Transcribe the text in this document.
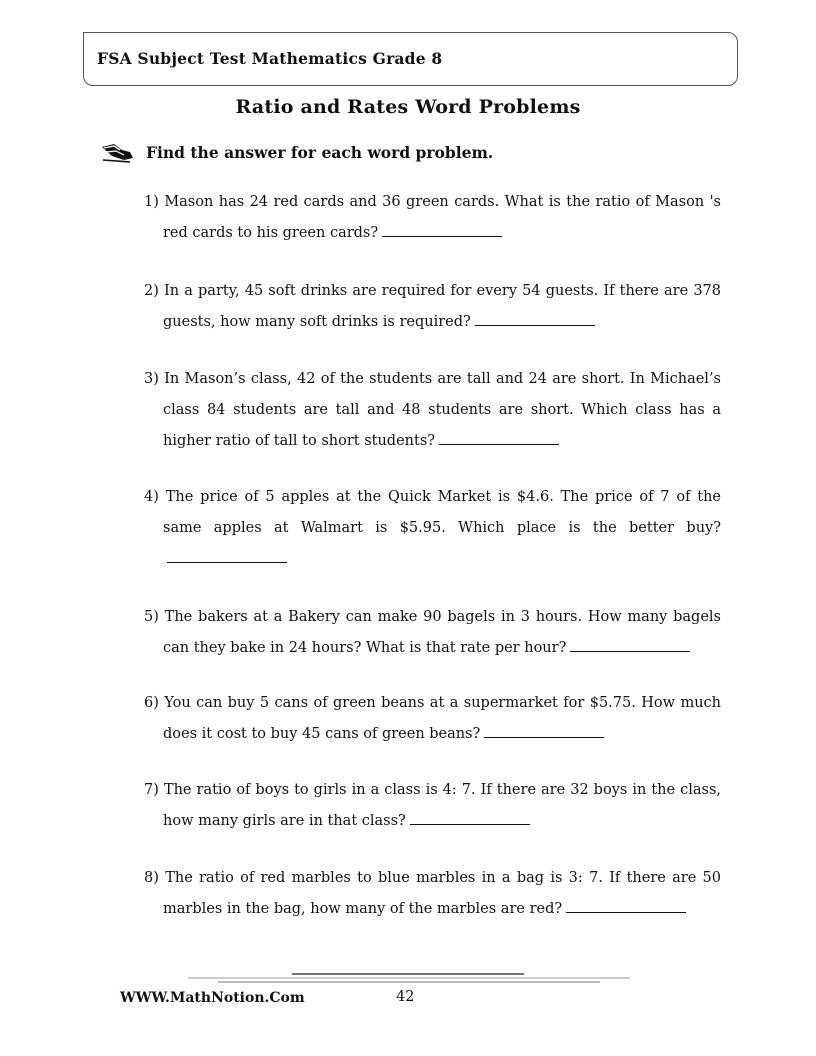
FSA Subject Test Mathematics Grade 8
Ratio and Rates Word Problems
Find the answer for each word problem.
1) Mason has 24 red cards and 36 green cards. What is the ratio of Mason 's red cards to his green cards?
2) In a party, 45 soft drinks are required for every 54 guests. If there are 378 guests, how many soft drinks is required?
3) In Mason’s class, 42 of the students are tall and 24 are short. In Michael’s class 84 students are tall and 48 students are short. Which class has a higher ratio of tall to short students?
4) The price of 5 apples at the Quick Market is $4.6. The price of 7 of the same apples at Walmart is $5.95. Which place is the better buy?
5) The bakers at a Bakery can make 90 bagels in 3 hours. How many bagels can they bake in 24 hours? What is that rate per hour?
6) You can buy 5 cans of green beans at a supermarket for $5.75. How much does it cost to buy 45 cans of green beans?
7) The ratio of boys to girls in a class is 4: 7. If there are 32 boys in the class, how many girls are in that class?
8) The ratio of red marbles to blue marbles in a bag is 3: 7. If there are 50 marbles in the bag, how many of the marbles are red?
WWW.MathNotion.Com	42
